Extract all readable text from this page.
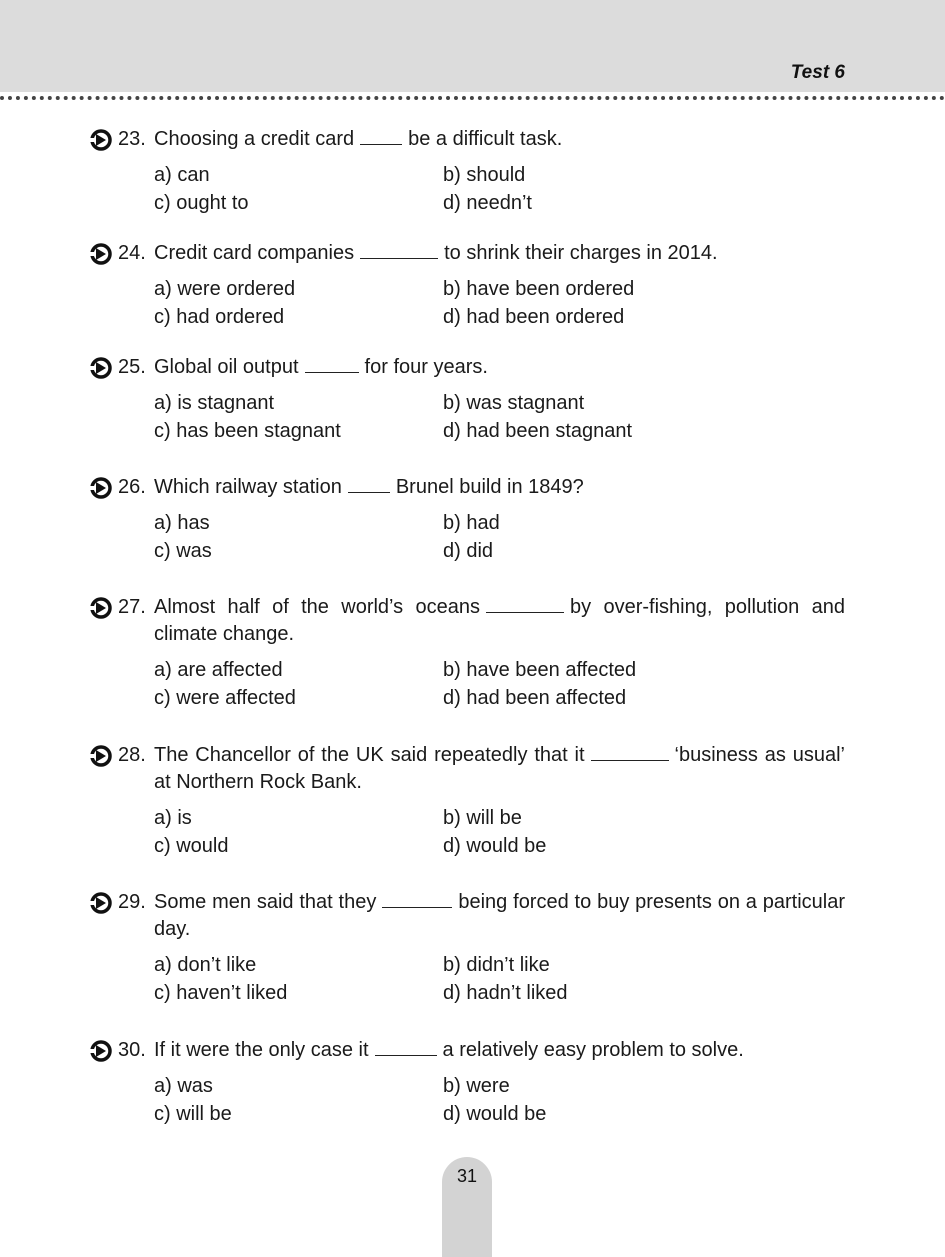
Test 6
23. Choosing a credit card	be a difficult task.
a) can	b) should
c) ought to	d) needn’t
24. Credit card companies	to shrink their charges in 2014.
a) were ordered	b) have been ordered
c) had ordered	d) had been ordered
25. Global oil output	for four years.
a) is stagnant	b) was stagnant
c) has been stagnant	d) had been stagnant
26. Which railway station	Brunel build in 1849?
a) has	b) had
c) was	d) did
27. Almost half of the world’s oceans	by over-fishing, pollution and climate change.
a) are affected	b) have been affected
c) were affected	d) had been affected
28. The Chancellor of the UK said repeatedly that it	‘business as usual’ at Northern Rock Bank.
a) is	b) will be
c) would	d) would be
29. Some men said that they	being forced to buy presents on a particular day.
a) don’t like	b) didn’t like
c) haven’t liked	d) hadn’t liked
30. If it were the only case it	a relatively easy problem to solve.
a) was	b) were
c) will be	d) would be
31
